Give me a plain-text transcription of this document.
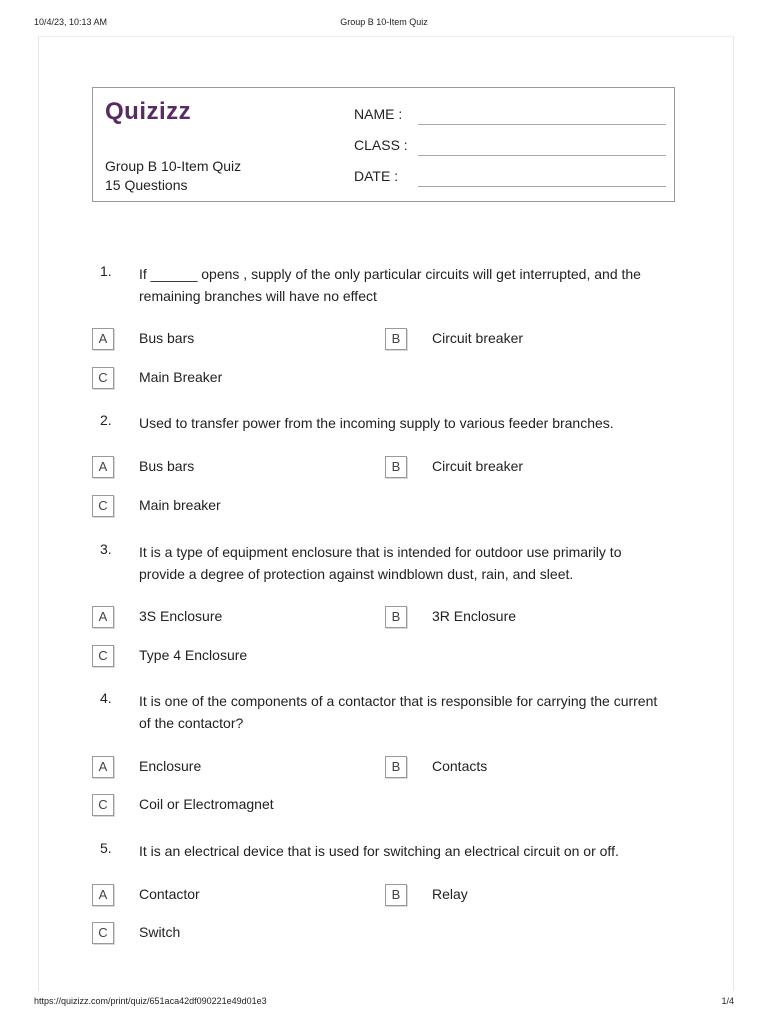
10/4/23, 10:13 AM	Group B 10-Item Quiz
Quizizz
Group B 10-Item Quiz
15 Questions
NAME :
CLASS :
DATE :
1.	If ______ opens , supply of the only particular circuits will get interrupted, and the remaining branches will have no effect
A	Bus bars	B	Circuit breaker
C	Main Breaker
2.	Used to transfer power from the incoming supply to various feeder branches.
A	Bus bars	B	Circuit breaker
C	Main breaker
3.	It is a type of equipment enclosure that is intended for outdoor use primarily to provide a degree of protection against windblown dust, rain, and sleet.
A	3S Enclosure	B	3R Enclosure
C	Type 4 Enclosure
4.	It is one of the components of a contactor that is responsible for carrying the current of the contactor?
A	Enclosure	B	Contacts
C	Coil or Electromagnet
5.	It is an electrical device that is used for switching an electrical circuit on or off.
A	Contactor	B	Relay
C	Switch
https://quizizz.com/print/quiz/651aca42df090221e49d01e3	1/4
